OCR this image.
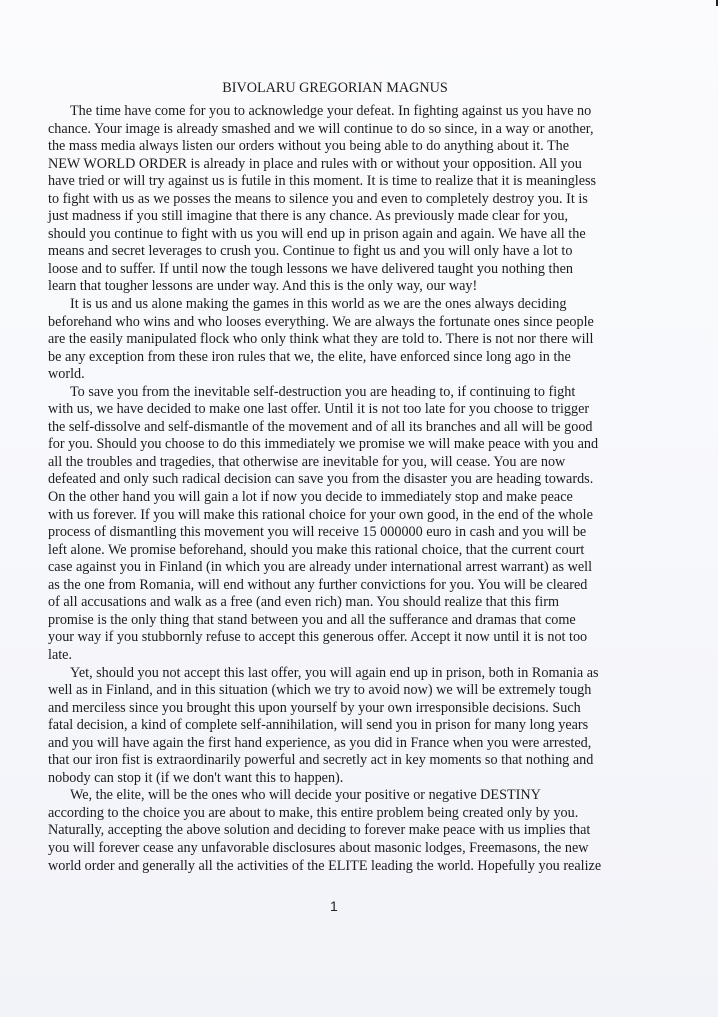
BIVOLARU GREGORIAN MAGNUS

The time have come for you to acknowledge your defeat. In fighting against us you have no
chance. Your image is already smashed and we will continue to do so since, in a way or another,
the mass media always listen our orders without you being able to do anything about it. The
NEW WORLD ORDER is already in place and rules with or without your opposition. All you
have tried or will try against us is futile in this moment. It is time to realize that it is meaningless
to fight with us as we posses the means to silence you and even to completely destroy you. It is
just madness if you still imagine that there is any chance. As previously made clear for you,
should you continue to fight with us you will end up in prison again and again. We have all the
means and secret leverages to crush you. Continue to fight us and you will only have a lot to
loose and to suffer. If until now the tough lessons we have delivered taught you nothing then
learn that tougher lessons are under way. And this is the only way, our way!

It is us and us alone making the games in this world as we are the ones always deciding
beforehand who wins and who looses everything. We are always the fortunate ones since people
are the easily manipulated flock who only think what they are told to. There is not nor there will
be any exception from these iron rules that we, the elite, have enforced since long ago in the
world.

To save you from the inevitable self-destruction you are heading to, if continuing to fight
with us, we have decided to make one last offer. Until it is not too late for you choose to trigger
the self-dissolve and self-dismantle of the movement and of all its branches and all will be good
for you. Should you choose to do this immediately we promise we will make peace with you and
all the troubles and tragedies, that otherwise are inevitable for you, will cease. You are now
defeated and only such radical decision can save you from the disaster you are heading towards.
On the other hand you will gain a lot if now you decide to immediately stop and make peace
with us forever. If you will make this rational choice for your own good, in the end of the whole
process of dismantling this movement you will receive 15 000000 euro in cash and you will be
left alone. We promise beforehand, should you make this rational choice, that the current court
case against you in Finland (in which you are already under international arrest warrant) as well
as the one from Romania, will end without any further convictions for you. You will be cleared
of all accusations and walk as a free (and even rich) man. You should realize that this firm
promise is the only thing that stand between you and all the sufferance and dramas that come
your way if you stubbornly refuse to accept this generous offer. Accept it now until it is not too
late.

Yet, should you not accept this last offer, you will again end up in prison, both in Romania as
well as in Finland, and in this situation (which we try to avoid now) we will be extremely tough
and merciless since you brought this upon yourself by your own irresponsible decisions. Such
fatal decision, a kind of complete self-annihilation, will send you in prison for many long years
and you will have again the first hand experience, as you did in France when you were arrested,
that our iron fist is extraordinarily powerful and secretly act in key moments so that nothing and
nobody can stop it (if we don't want this to happen).

We, the elite, will be the ones who will decide your positive or negative DESTINY
according to the choice you are about to make, this entire problem being created only by you.
Naturally, accepting the above solution and deciding to forever make peace with us implies that
you will forever cease any unfavorable disclosures about masonic lodges, Freemasons, the new
world order and generally all the activities of the ELITE leading the world. Hopefully you realize

1
